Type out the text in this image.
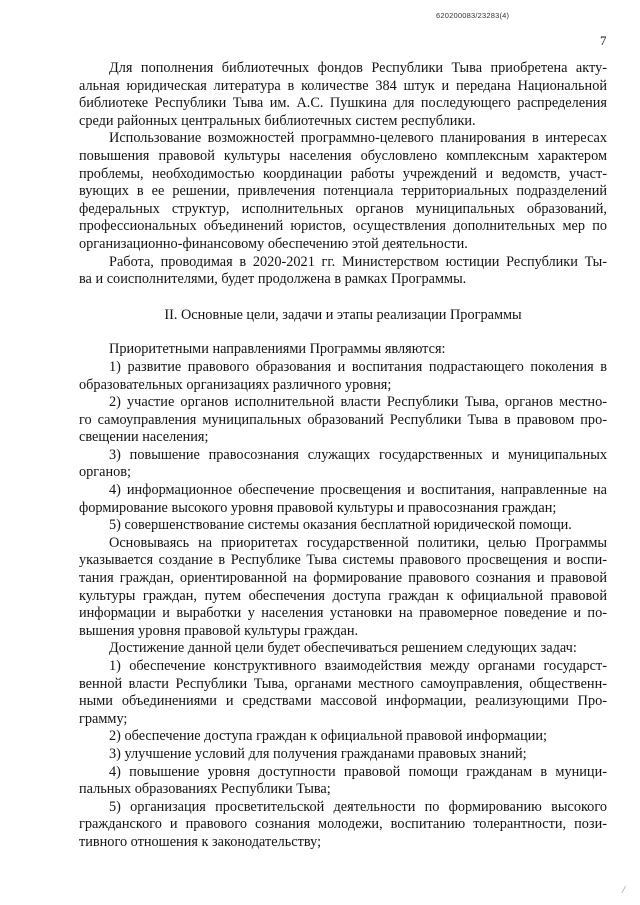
620200083/23283(4)
7
Для пополнения библиотечных фондов Республики Тыва приобретена акту-
альная юридическая литература в количестве 384 штук и передана Национальной
библиотеке Республики Тыва им. А.С. Пушкина для последующего распределения
среди районных центральных библиотечных систем республики.
Использование возможностей программно-целевого планирования в интересах
повышения правовой культуры населения обусловлено комплексным характером
проблемы, необходимостью координации работы учреждений и ведомств, участ-
вующих в ее решении, привлечения потенциала территориальных подразделений
федеральных структур, исполнительных органов муниципальных образований,
профессиональных объединений юристов, осуществления дополнительных мер по
организационно-финансовому обеспечению этой деятельности.
Работа, проводимая в 2020-2021 гг. Министерством юстиции Республики Ты-
ва и соисполнителями, будет продолжена в рамках Программы.
II. Основные цели, задачи и этапы реализации Программы
Приоритетными направлениями Программы являются:
1) развитие правового образования и воспитания подрастающего поколения в
образовательных организациях различного уровня;
2) участие органов исполнительной власти Республики Тыва, органов местно-
го самоуправления муниципальных образований Республики Тыва в правовом про-
свещении населения;
3) повышение правосознания служащих государственных и муниципальных
органов;
4) информационное обеспечение просвещения и воспитания, направленные на
формирование высокого уровня правовой культуры и правосознания граждан;
5) совершенствование системы оказания бесплатной юридической помощи.
Основываясь на приоритетах государственной политики, целью Программы
указывается создание в Республике Тыва системы правового просвещения и воспи-
тания граждан, ориентированной на формирование правового сознания и правовой
культуры граждан, путем обеспечения доступа граждан к официальной правовой
информации и выработки у населения установки на правомерное поведение и по-
вышения уровня правовой культуры граждан.
Достижение данной цели будет обеспечиваться решением следующих задач:
1) обеспечение конструктивного взаимодействия между органами государст-
венной власти Республики Тыва, органами местного самоуправления, общественн-
ными объединениями и средствами массовой информации, реализующими Про-
грамму;
2) обеспечение доступа граждан к официальной правовой информации;
3) улучшение условий для получения гражданами правовых знаний;
4) повышение уровня доступности правовой помощи гражданам в муници-
пальных образованиях Республики Тыва;
5) организация просветительской деятельности по формированию высокого
гражданского и правового сознания молодежи, воспитанию толерантности, пози-
тивного отношения к законодательству;
/
